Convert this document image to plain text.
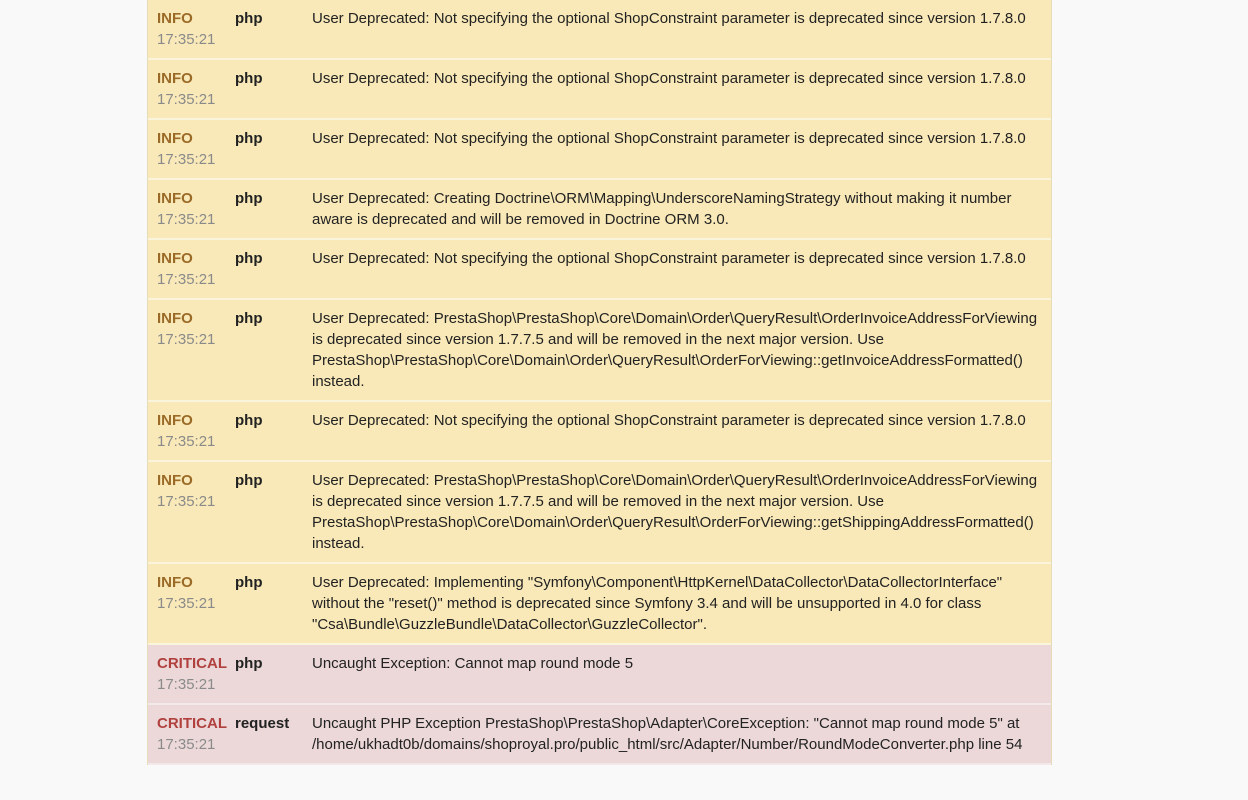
INFO
17:35:21
php	User Deprecated: Not specifying the optional ShopConstraint parameter is deprecated since version 1.7.8.0
INFO
17:35:21
php	User Deprecated: Not specifying the optional ShopConstraint parameter is deprecated since version 1.7.8.0
INFO
17:35:21
php	User Deprecated: Not specifying the optional ShopConstraint parameter is deprecated since version 1.7.8.0
INFO
17:35:21
php	User Deprecated: Creating Doctrine\ORM\Mapping\UnderscoreNamingStrategy without making it number aware is deprecated and will be removed in Doctrine ORM 3.0.
INFO
17:35:21
php	User Deprecated: Not specifying the optional ShopConstraint parameter is deprecated since version 1.7.8.0
INFO
17:35:21
php	User Deprecated: PrestaShop\PrestaShop\Core\Domain\Order\QueryResult\OrderInvoiceAddressForViewing is deprecated since version 1.7.7.5 and will be removed in the next major version. Use PrestaShop\PrestaShop\Core\Domain\Order\QueryResult\OrderForViewing::getInvoiceAddressFormatted() instead.
INFO
17:35:21
php	User Deprecated: Not specifying the optional ShopConstraint parameter is deprecated since version 1.7.8.0
INFO
17:35:21
php	User Deprecated: PrestaShop\PrestaShop\Core\Domain\Order\QueryResult\OrderInvoiceAddressForViewing is deprecated since version 1.7.7.5 and will be removed in the next major version. Use PrestaShop\PrestaShop\Core\Domain\Order\QueryResult\OrderForViewing::getShippingAddressFormatted() instead.
INFO
17:35:21
php	User Deprecated: Implementing "Symfony\Component\HttpKernel\DataCollector\DataCollectorInterface" without the "reset()" method is deprecated since Symfony 3.4 and will be unsupported in 4.0 for class "Csa\Bundle\GuzzleBundle\DataCollector\GuzzleCollector".
CRITICAL
17:35:21
php	Uncaught Exception: Cannot map round mode 5
CRITICAL
17:35:21
request	Uncaught PHP Exception PrestaShop\PrestaShop\Adapter\CoreException: "Cannot map round mode 5" at /home/ukhadt0b/domains/shoproyal.pro/public_html/src/Adapter/Number/RoundModeConverter.php line 54
